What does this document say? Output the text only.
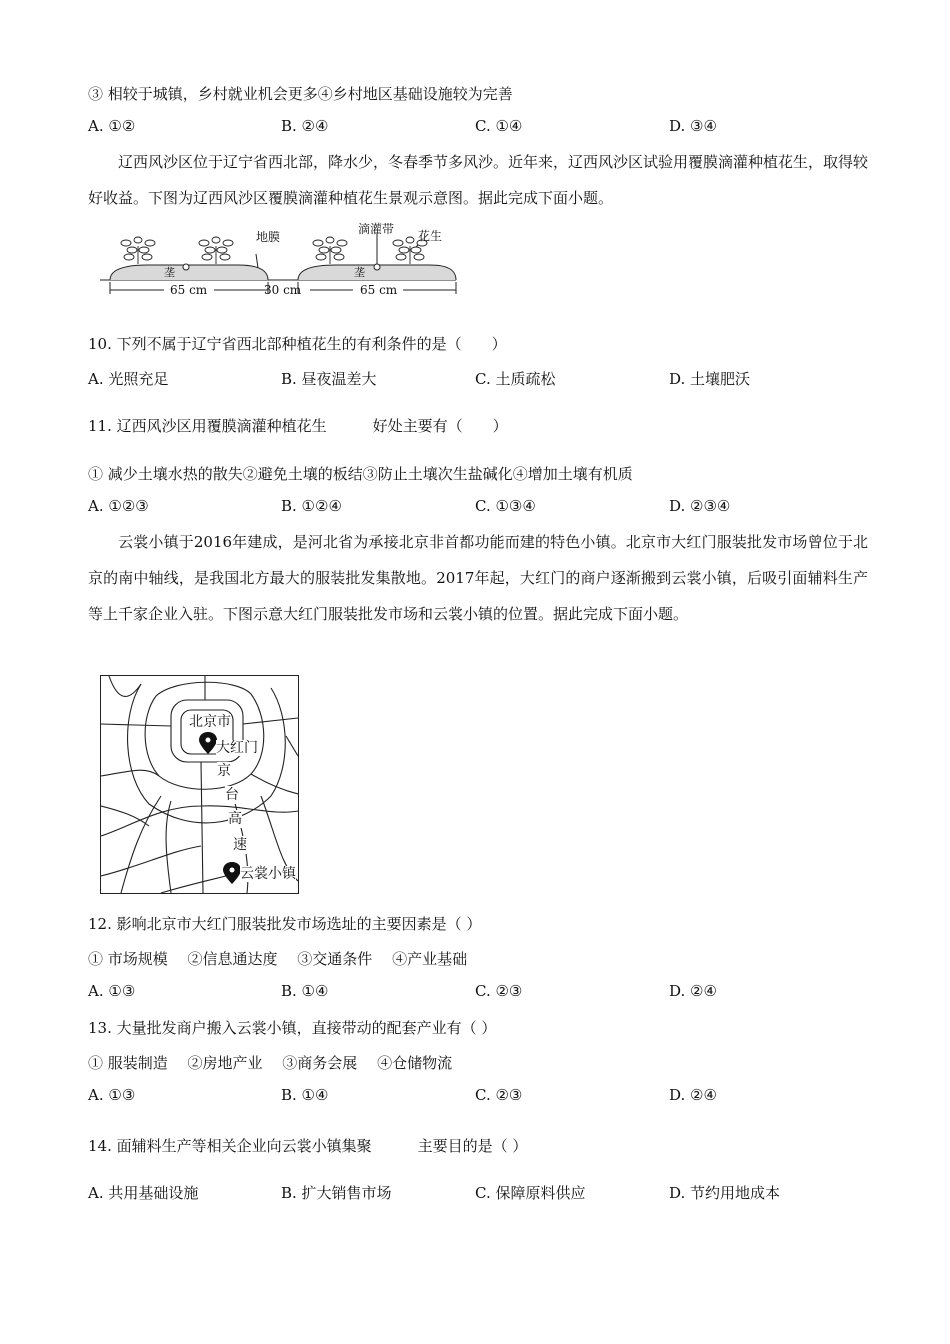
③ 相较于城镇，乡村就业机会更多④乡村地区基础设施较为完善
A. ①②	B. ②④	C. ①④	D. ③④
辽西风沙区位于辽宁省西北部，降水少，冬春季节多风沙。近年来，辽西风沙区试验用覆膜滴灌种植花生，取得较好收益。下图为辽西风沙区覆膜滴灌种植花生景观示意图。据此完成下面小题。
地膜
滴灌带 花生
垄	垄
65 cm	30 cm	65 cm
10. 下列不属于辽宁省西北部种植花生的有利条件的是（　　）
A. 光照充足	B. 昼夜温差大	C. 土质疏松	D. 土壤肥沃
11. 辽西风沙区用覆膜滴灌种植花生	好处主要有（　　）
① 减少土壤水热的散失②避免土壤的板结③防止土壤次生盐碱化④增加土壤有机质
A. ①②③	B. ①②④	C. ①③④	D. ②③④
云裳小镇于2016年建成，是河北省为承接北京非首都功能而建的特色小镇。北京市大红门服装批发市场曾位于北京的南中轴线，是我国北方最大的服装批发集散地。2017年起，大红门的商户逐渐搬到云裳小镇，后吸引面辅料生产等上千家企业入驻。下图示意大红门服装批发市场和云裳小镇的位置。据此完成下面小题。
北京市
大红门
京
台
高
速
云裳小镇
12. 影响北京市大红门服装批发市场选址的主要因素是（ ）
① 市场规模　 ②信息通达度　 ③交通条件　 ④产业基础
A. ①③	B. ①④	C. ②③	D. ②④
13. 大量批发商户搬入云裳小镇，直接带动的配套产业有（ ）
① 服装制造　 ②房地产业　 ③商务会展　 ④仓储物流
A. ①③	B. ①④	C. ②③	D. ②④
14. 面辅料生产等相关企业向云裳小镇集聚	主要目的是（ ）
A. 共用基础设施	B. 扩大销售市场	C. 保障原料供应	D. 节约用地成本
